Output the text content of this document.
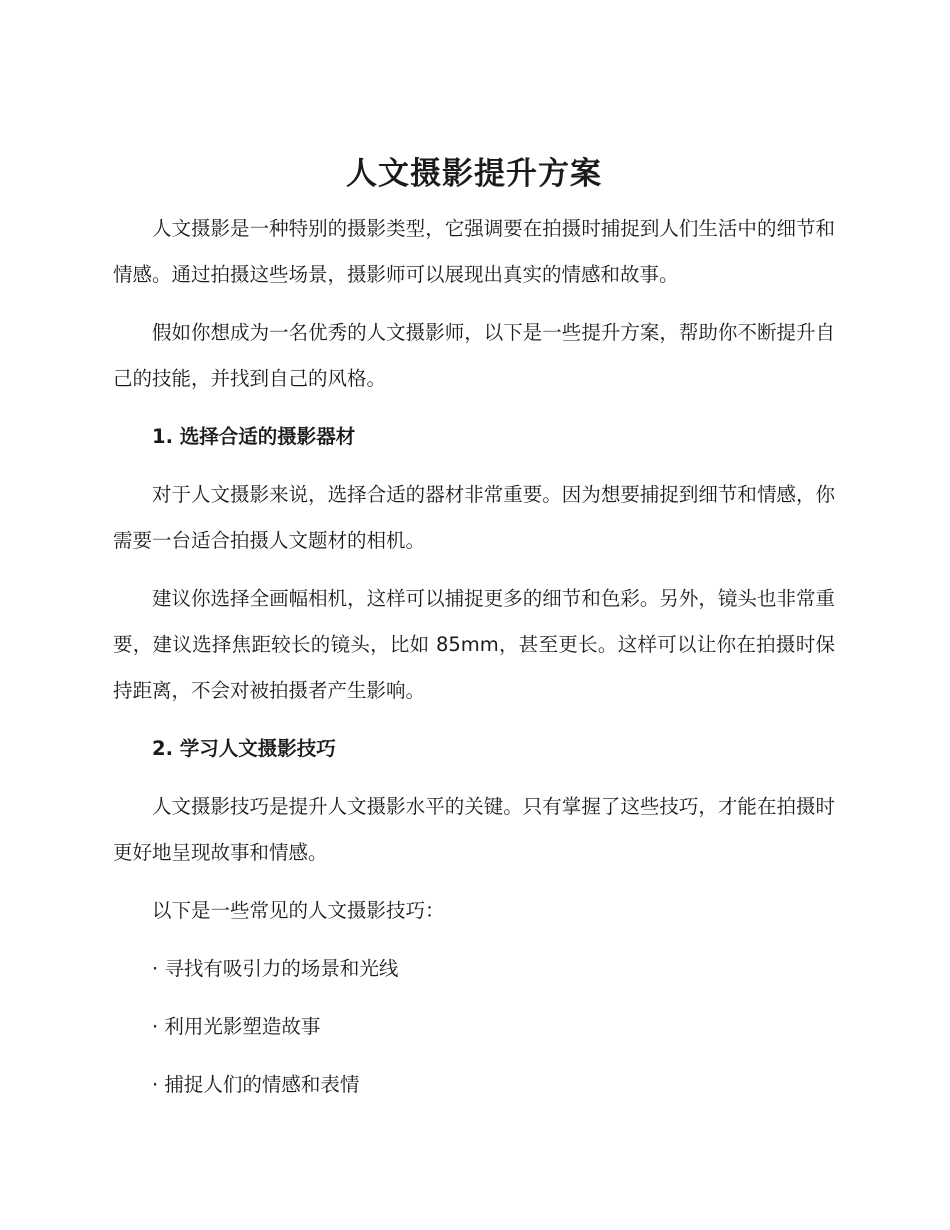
人文摄影提升方案

人文摄影是一种特别的摄影类型，它强调要在拍摄时捕捉到人们生活中的细节和情感。通过拍摄这些场景，摄影师可以展现出真实的情感和故事。

假如你想成为一名优秀的人文摄影师，以下是一些提升方案，帮助你不断提升自己的技能，并找到自己的风格。

1. 选择合适的摄影器材

对于人文摄影来说，选择合适的器材非常重要。因为想要捕捉到细节和情感，你需要一台适合拍摄人文题材的相机。

建议你选择全画幅相机，这样可以捕捉更多的细节和色彩。另外，镜头也非常重要，建议选择焦距较长的镜头，比如 85mm，甚至更长。这样可以让你在拍摄时保持距离，不会对被拍摄者产生影响。

2. 学习人文摄影技巧

人文摄影技巧是提升人文摄影水平的关键。只有掌握了这些技巧，才能在拍摄时更好地呈现故事和情感。

以下是一些常见的人文摄影技巧：

· 寻找有吸引力的场景和光线

· 利用光影塑造故事

· 捕捉人们的情感和表情
